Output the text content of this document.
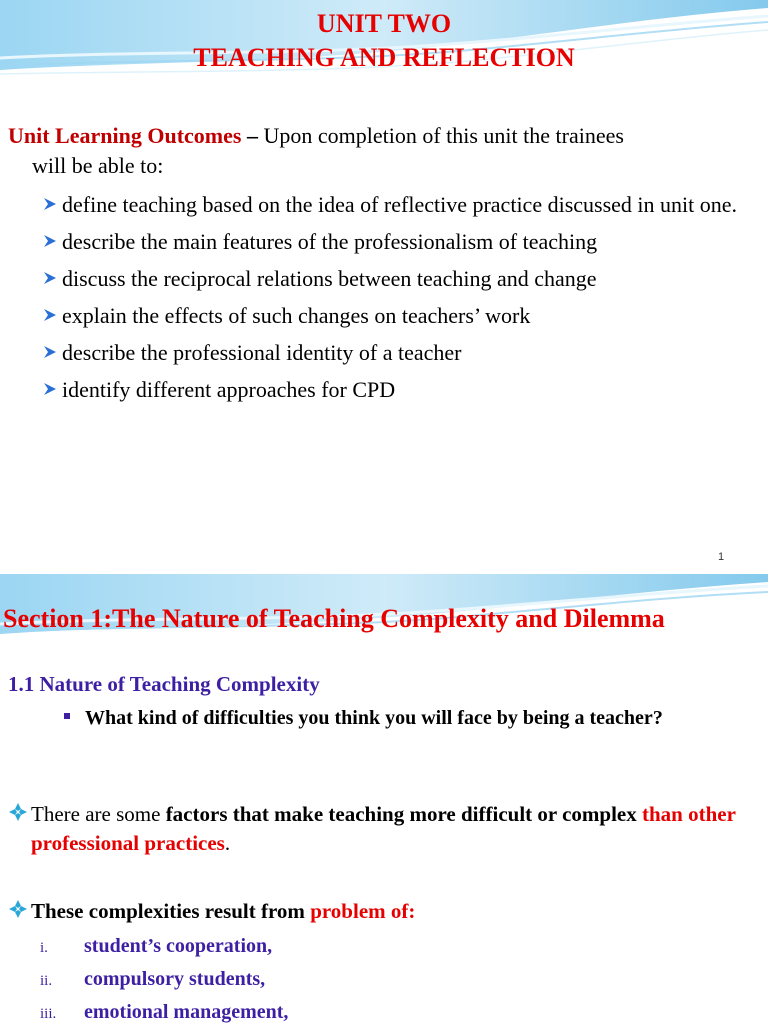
UNIT TWO
TEACHING AND REFLECTION
Unit Learning Outcomes – Upon completion of this unit the trainees
will be able to:
define teaching based on the idea of reflective practice discussed in unit one.
describe the main features of the professionalism of teaching
discuss the reciprocal relations between teaching and change
explain the effects of such changes on teachers’ work
describe the professional identity of a teacher
identify different approaches for CPD
1
Section 1:The Nature of Teaching Complexity and Dilemma
1.1 Nature of Teaching Complexity
What kind of difficulties you think you will face by being a teacher?
There are some factors that make teaching more difficult or complex than other professional practices.
These complexities result from problem of:
i. student’s cooperation,
ii. compulsory students,
iii. emotional management,
